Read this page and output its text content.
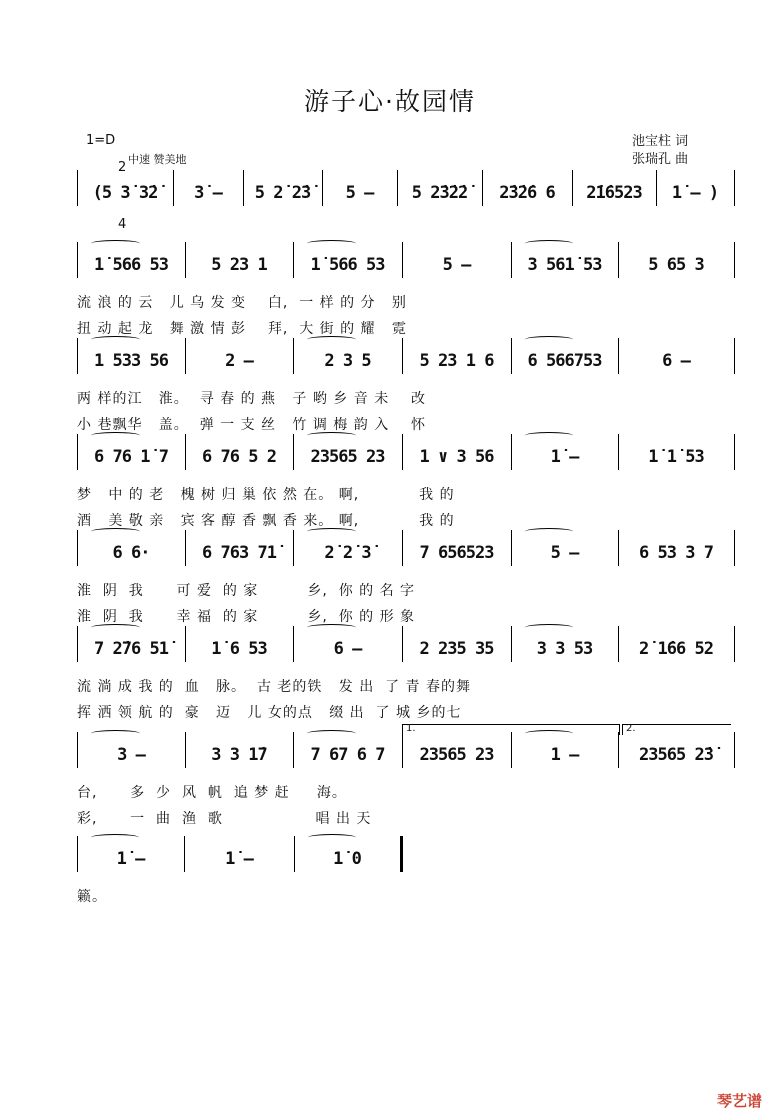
游子心·故园情
1=D

2

4

中速 赞美地
池宝柱 词
张瑞孔 曲
(5 3̇ 3̇2̇	3̇ –	5 2̇ 2̇3̇	5 –	5 2̇3̇2̇2̇	2̇3̇2̇6 6	2̇1̇6523	1̇ – )
1̇ 566 53	5 23 1	1̇ 566 53	5 –	3 561̇ 53	5 65 3
流 浪 的 云   儿 乌 发 变    白,  一 样 的 分   别
扭 动 起 龙   舞 激 情 彭    拜,  大 街 的 耀   霓
1 533 56	2 –	2 3 5	5 23 1 6	6 566753	6 –
两 样的江   淮。  寻 春 的 燕   子 哟 乡 音 未    改
小 巷飘华   盖。  弹 一 支 丝   竹 调 梅 韵 入    怀
6 76 1̇ 7	6 76 5 2	23565 23	1 ∨ 3 56	1̇ –	1̇ 1̇ 53
梦   中 的 老   槐 树 归 巢 依 然 在。 啊,           我 的
酒   美 敬 亲   宾 客 醇 香 飘 香 来。 啊,           我 的
6 6·	6 763 71̇	2̇ 2̇ 3̇	7 656523	5 –	6 53 3 7
淮  阴  我      可 爱  的 家         乡,  你 的 名 字
淮  阴  我      幸 福  的 家         乡,  你 的 形 象
7 2̇76 51̇	1̇ 6 53	6 –	2 235 35	3 3 53	2̇ 1̇66 52
流 淌 成 我 的  血   脉。  古 老的铁   发 出  了 青 春的舞
挥 洒 领 航 的  豪   迈   儿 女的点   缀 出  了 城 乡的七
3 –	3 3 1̇7	7 67 6 7	23565 23	1 –	23565 2̇3̇
1.	2.
台,      多  少  风  帆  追 梦 赶     海。
彩,      一  曲  渔  歌                 唱 出 天
1̇ –	1̇ –	1̇ 0
籁。
琴艺谱
